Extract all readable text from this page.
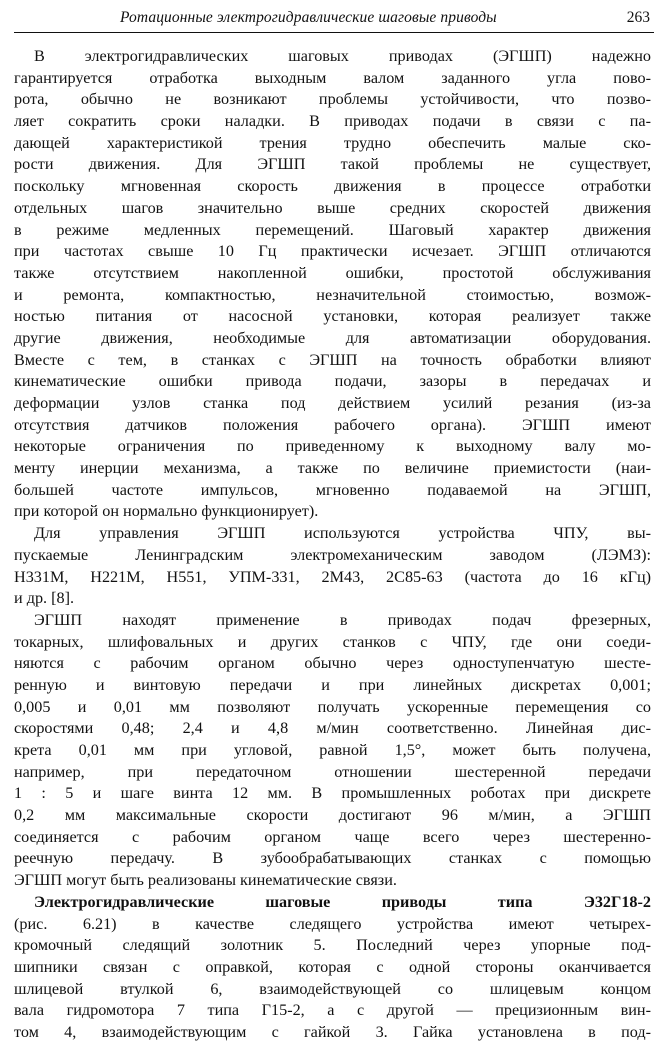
Ротационные электрогидравлические шаговые приводы	263
В электрогидравлических шаговых приводах (ЭГШП) надежно
гарантируется отработка выходным валом заданного угла пово-
рота, обычно не возникают проблемы устойчивости, что позво-
ляет сократить сроки наладки. В приводах подачи в связи с па-
дающей характеристикой трения трудно обеспечить малые ско-
рости движения. Для ЭГШП такой проблемы не существует,
поскольку мгновенная скорость движения в процессе отработки
отдельных шагов значительно выше средних скоростей движения
в режиме медленных перемещений. Шаговый характер движения
при частотах свыше 10 Гц практически исчезает. ЭГШП отличаются
также отсутствием накопленной ошибки, простотой обслуживания
и ремонта, компактностью, незначительной стоимостью, возмож-
ностью питания от насосной установки, которая реализует также
другие движения, необходимые для автоматизации оборудования.
Вместе с тем, в станках с ЭГШП на точность обработки влияют
кинематические ошибки привода подачи, зазоры в передачах и
деформации узлов станка под действием усилий резания (из-за
отсутствия датчиков положения рабочего органа). ЭГШП имеют
некоторые ограничения по приведенному к выходному валу мо-
менту инерции механизма, а также по величине приемистости (наи-
большей частоте импульсов, мгновенно подаваемой на ЭГШП,
при которой он нормально функционирует).
Для управления ЭГШП используются устройства ЧПУ, вы-
пускаемые Ленинградским электромеханическим заводом (ЛЭМЗ):
Н331М, Н221М, Н551, УПМ-331, 2М43, 2С85-63 (частота до 16 кГц)
и др. [8].
ЭГШП находят применение в приводах подач фрезерных,
токарных, шлифовальных и других станков с ЧПУ, где они соеди-
няются с рабочим органом обычно через одноступенчатую шесте-
ренную и винтовую передачи и при линейных дискретах 0,001;
0,005 и 0,01 мм позволяют получать ускоренные перемещения со
скоростями 0,48; 2,4 и 4,8 м/мин соответственно. Линейная дис-
крета 0,01 мм при угловой, равной 1,5°, может быть получена,
например, при передаточном отношении шестеренной передачи
1 : 5 и шаге винта 12 мм. В промышленных роботах при дискрете
0,2 мм максимальные скорости достигают 96 м/мин, а ЭГШП
соединяется с рабочим органом чаще всего через шестеренно-
реечную передачу. В зубообрабатывающих станках с помощью
ЭГШП могут быть реализованы кинематические связи.
Электрогидравлические шаговые приводы типа Э32Г18-2
(рис. 6.21) в качестве следящего устройства имеют четырех-
кромочный следящий золотник 5. Последний через упорные под-
шипники связан с оправкой, которая с одной стороны оканчивается
шлицевой втулкой 6, взаимодействующей со шлицевым концом
вала гидромотора 7 типа Г15-2, а с другой — прецизионным вин-
том 4, взаимодействующим с гайкой 3. Гайка установлена в под-
